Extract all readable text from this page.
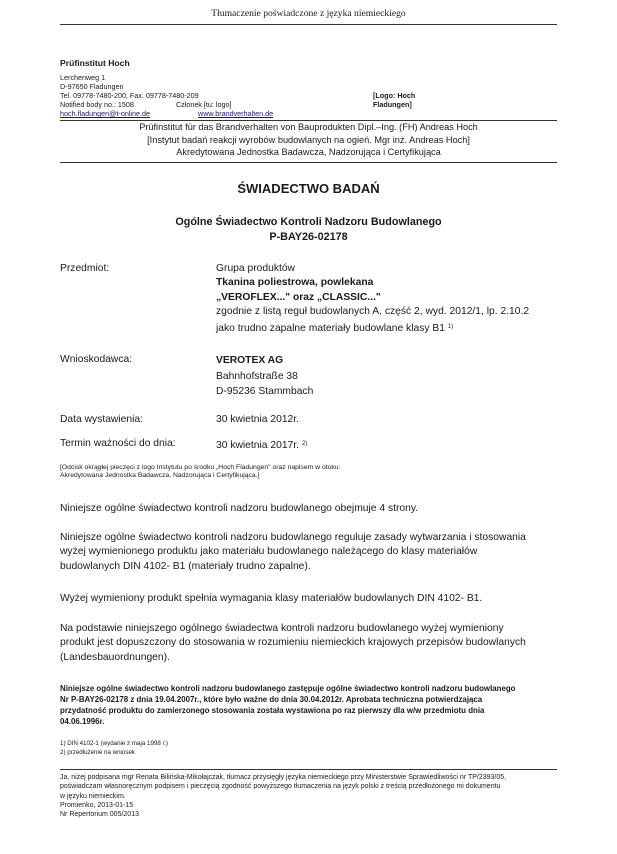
Tłumaczenie poświadczone z języka niemieckiego
Prüfinstitut Hoch
Lerchenweg 1
D-97650 Fladungen
Tel. 09778-7480-200, Fax. 09778-7480-209
Notified body no.: 1508	Członek [tu: logo]
hoch.fladungen@t-online.de	www.brandverhalten.de
[Logo: Hoch
Fladungen]
Prüfinstitut für das Brandverhalten von Bauprodukten Dipl.–Ing. (FH) Andreas Hoch
[Instytut badań reakcji wyrobów budowlanych na ogień. Mgr inż. Andreas Hoch]
Akredytowana Jednostka Badawcza, Nadzorująca i Certyfikująca
ŚWIADECTWO BADAŃ
Ogólne Świadectwo Kontroli Nadzoru Budowlanego
P-BAY26-02178
Przedmiot:	Grupa produktów
Tkanina poliestrowa, powlekana
„VEROFLEX..." oraz „CLASSIC..."
zgodnie z listą reguł budowlanych A, część 2, wyd. 2012/1, lp. 2.10.2
jako trudno zapalne materiały budowlane klasy B1 $^{1)}$
Wnioskodawca:	VEROTEX AG
Bahnhofstraße 38
D-95236 Stammbach
Data wystawienia:	30 kwietnia 2012r.
Termin ważności do dnia:	30 kwietnia 2017r. $^{2)}$
[Odcisk okrągłej pieczęci z logo Instytutu po środku „Hoch Fladungen" oraz napisem w otoku:
Akredytowana Jednostka Badawcza, Nadzorująca i Certyfikująca.]
Niniejsze ogólne świadectwo kontroli nadzoru budowlanego obejmuje 4 strony.
Niniejsze ogólne świadectwo kontroli nadzoru budowlanego reguluje zasady wytwarzania i stosowania
wyżej wymienionego produktu jako materiału budowlanego należącego do klasy materiałów
budowlanych DIN 4102- B1 (materiały trudno zapalne).
Wyżej wymieniony produkt spełnia wymagania klasy materiałów budowlanych DIN 4102- B1.
Na podstawie niniejszego ogólnego świadectwa kontroli nadzoru budowlanego wyżej wymieniony
produkt jest dopuszczony do stosowania w rozumieniu niemieckich krajowych przepisów budowlanych
(Landesbauordnungen).
Niniejsze ogólne świadectwo kontroli nadzoru budowlanego zastępuje ogólne świadectwo kontroli nadzoru budowlanego
Nr P-BAY26-02178 z dnia 19.04.2007r., które było ważne do dnia 30.04.2012r. Aprobata techniczna potwierdzająca
przydatność produktu do zamierzonego stosowania została wystawiona po raz pierwszy dla w/w przedmiotu dnia
04.06.1996r.
1) DIN 4102-1 (wydanie z maja 1998 r.)
2) przedłużenie na wniosek
Ja, niżej podpisana mgr Renata Bilińska-Mikołajczak, tłumacz przysięgły języka niemieckiego przy Ministerstwie Sprawiedliwości nr TP/2393/05,
poświadczam własnoręcznym podpisem i pieczęcią zgodność powyższego tłumaczenia na język polski z treścią przedłożonego mi dokumentu
w języku niemieckim.
Promienko, 2013-01-15
Nr Repertorium 005/2013
